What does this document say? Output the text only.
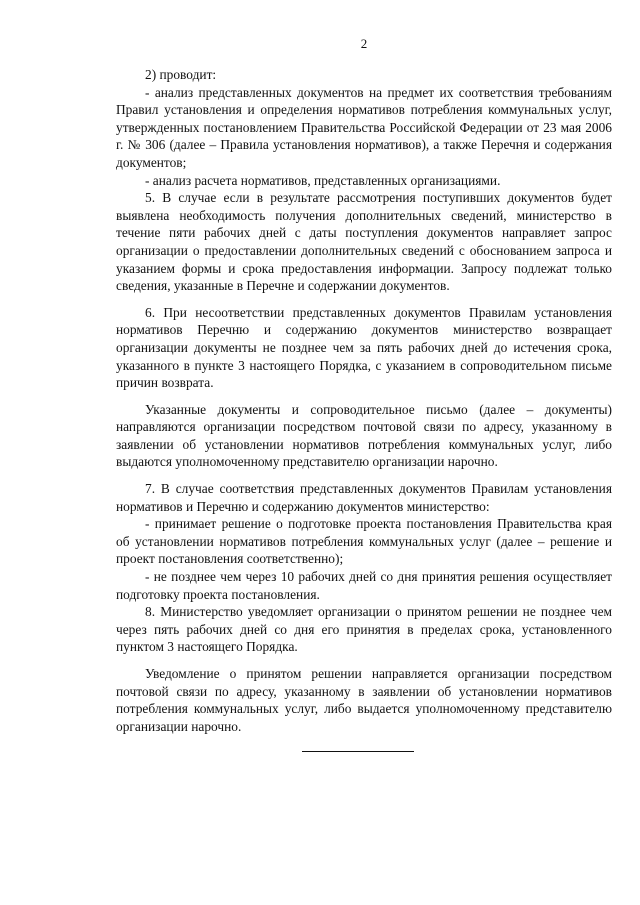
2

2) проводит:

- анализ представленных документов на предмет их соответствия требованиям Правил установления и определения нормативов потребления коммунальных услуг, утвержденных постановлением Правительства Российской Федерации от 23 мая 2006 г. № 306 (далее – Правила установления нормативов), а также Перечня и содержания документов;

- анализ расчета нормативов, представленных организациями.

5. В случае если в результате рассмотрения поступивших документов будет выявлена необходимость получения дополнительных сведений, министерство в течение пяти рабочих дней с даты поступления документов направляет запрос организации о предоставлении дополнительных сведений с обоснованием запроса и указанием формы и срока предоставления информации. Запросу подлежат только сведения, указанные в Перечне и содержании документов.

6. При несоответствии представленных документов Правилам установления нормативов Перечню и содержанию документов министерство возвращает организации документы не позднее чем за пять рабочих дней до истечения срока, указанного в пункте 3 настоящего Порядка, с указанием в сопроводительном письме причин возврата.

Указанные документы и сопроводительное письмо (далее – документы) направляются организации посредством почтовой связи по адресу, указанному в заявлении об установлении нормативов потребления коммунальных услуг, либо выдаются уполномоченному представителю организации нарочно.

7. В случае соответствия представленных документов Правилам установления нормативов и Перечню и содержанию документов министерство:

- принимает решение о подготовке проекта постановления Правительства края об установлении нормативов потребления коммунальных услуг (далее – решение и проект постановления соответственно);

- не позднее чем через 10 рабочих дней со дня принятия решения осуществляет подготовку проекта постановления.

8. Министерство уведомляет организации о принятом решении не позднее чем через пять рабочих дней со дня его принятия в пределах срока, установленного пунктом 3 настоящего Порядка.

Уведомление о принятом решении направляется организации посредством почтовой связи по адресу, указанному в заявлении об установлении нормативов потребления коммунальных услуг, либо выдается уполномоченному представителю организации нарочно.
